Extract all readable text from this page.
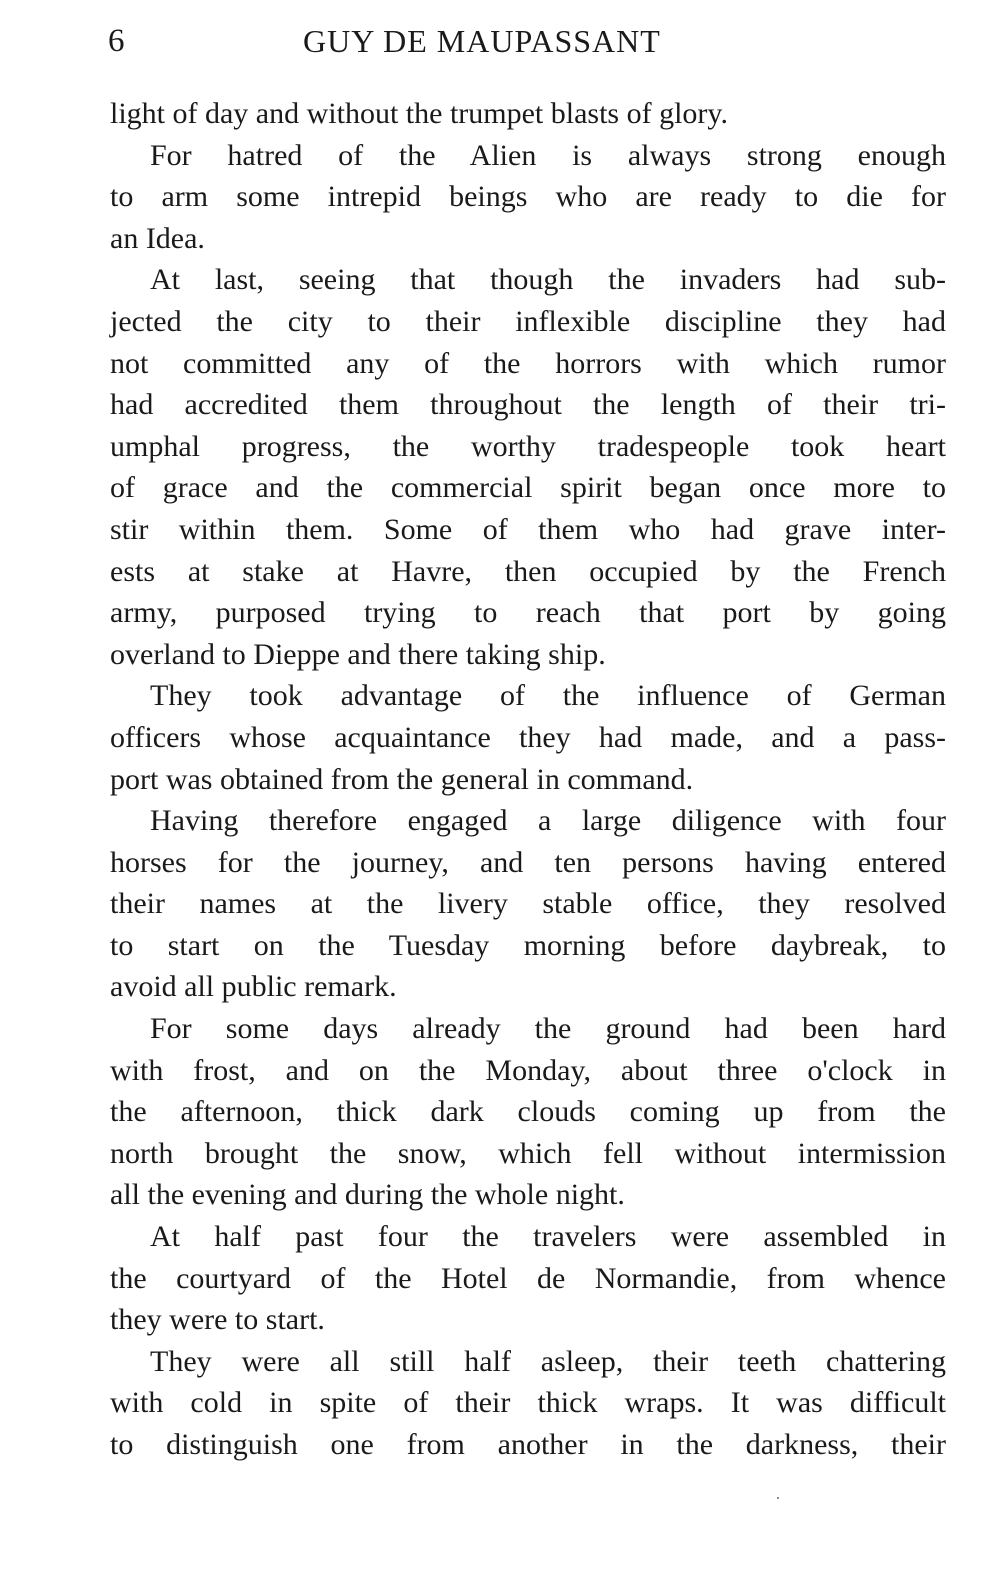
6	GUY DE MAUPASSANT
light of day and without the trumpet blasts of glory.
For hatred of the Alien is always strong enough
to arm some intrepid beings who are ready to die for
an Idea.
At last, seeing that though the invaders had sub-
jected the city to their inflexible discipline they had
not committed any of the horrors with which rumor
had accredited them throughout the length of their tri-
umphal progress, the worthy tradespeople took heart
of grace and the commercial spirit began once more to
stir within them. Some of them who had grave inter-
ests at stake at Havre, then occupied by the French
army, purposed trying to reach that port by going
overland to Dieppe and there taking ship.
They took advantage of the influence of German
officers whose acquaintance they had made, and a pass-
port was obtained from the general in command.
Having therefore engaged a large diligence with four
horses for the journey, and ten persons having entered
their names at the livery stable office, they resolved
to start on the Tuesday morning before daybreak, to
avoid all public remark.
For some days already the ground had been hard
with frost, and on the Monday, about three o'clock in
the afternoon, thick dark clouds coming up from the
north brought the snow, which fell without intermission
all the evening and during the whole night.
At half past four the travelers were assembled in
the courtyard of the Hotel de Normandie, from whence
they were to start.
They were all still half asleep, their teeth chattering
with cold in spite of their thick wraps. It was difficult
to distinguish one from another in the darkness, their
